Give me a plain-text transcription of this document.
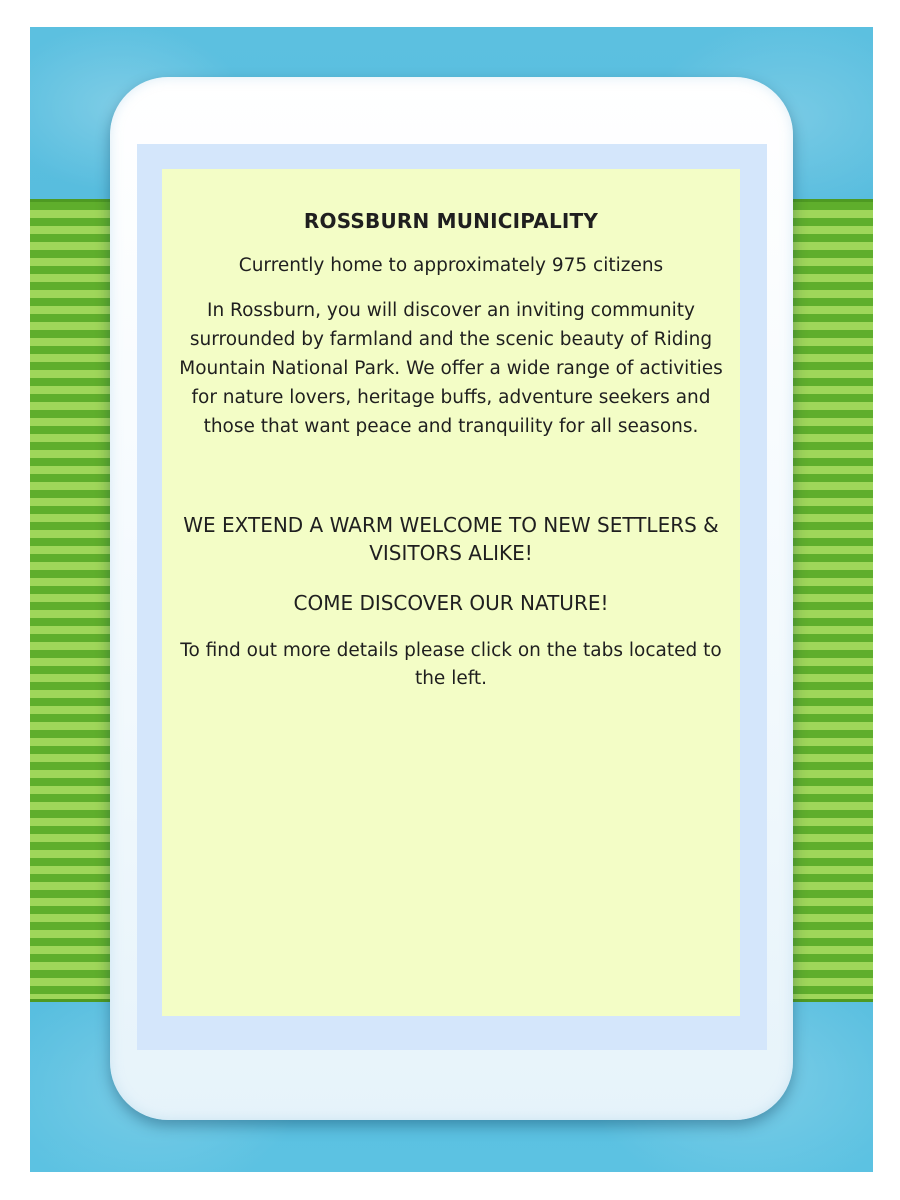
ROSSBURN MUNICIPALITY
Currently home to approximately 975 citizens
In Rossburn, you will discover an inviting community surrounded by farmland and the scenic beauty of Riding Mountain National Park. We offer a wide range of activities for nature lovers, heritage buffs, adventure seekers and those that want peace and tranquility for all seasons.
WE EXTEND A WARM WELCOME TO NEW SETTLERS & VISITORS ALIKE!
COME DISCOVER OUR NATURE!
To find out more details please click on the tabs located to the left.
